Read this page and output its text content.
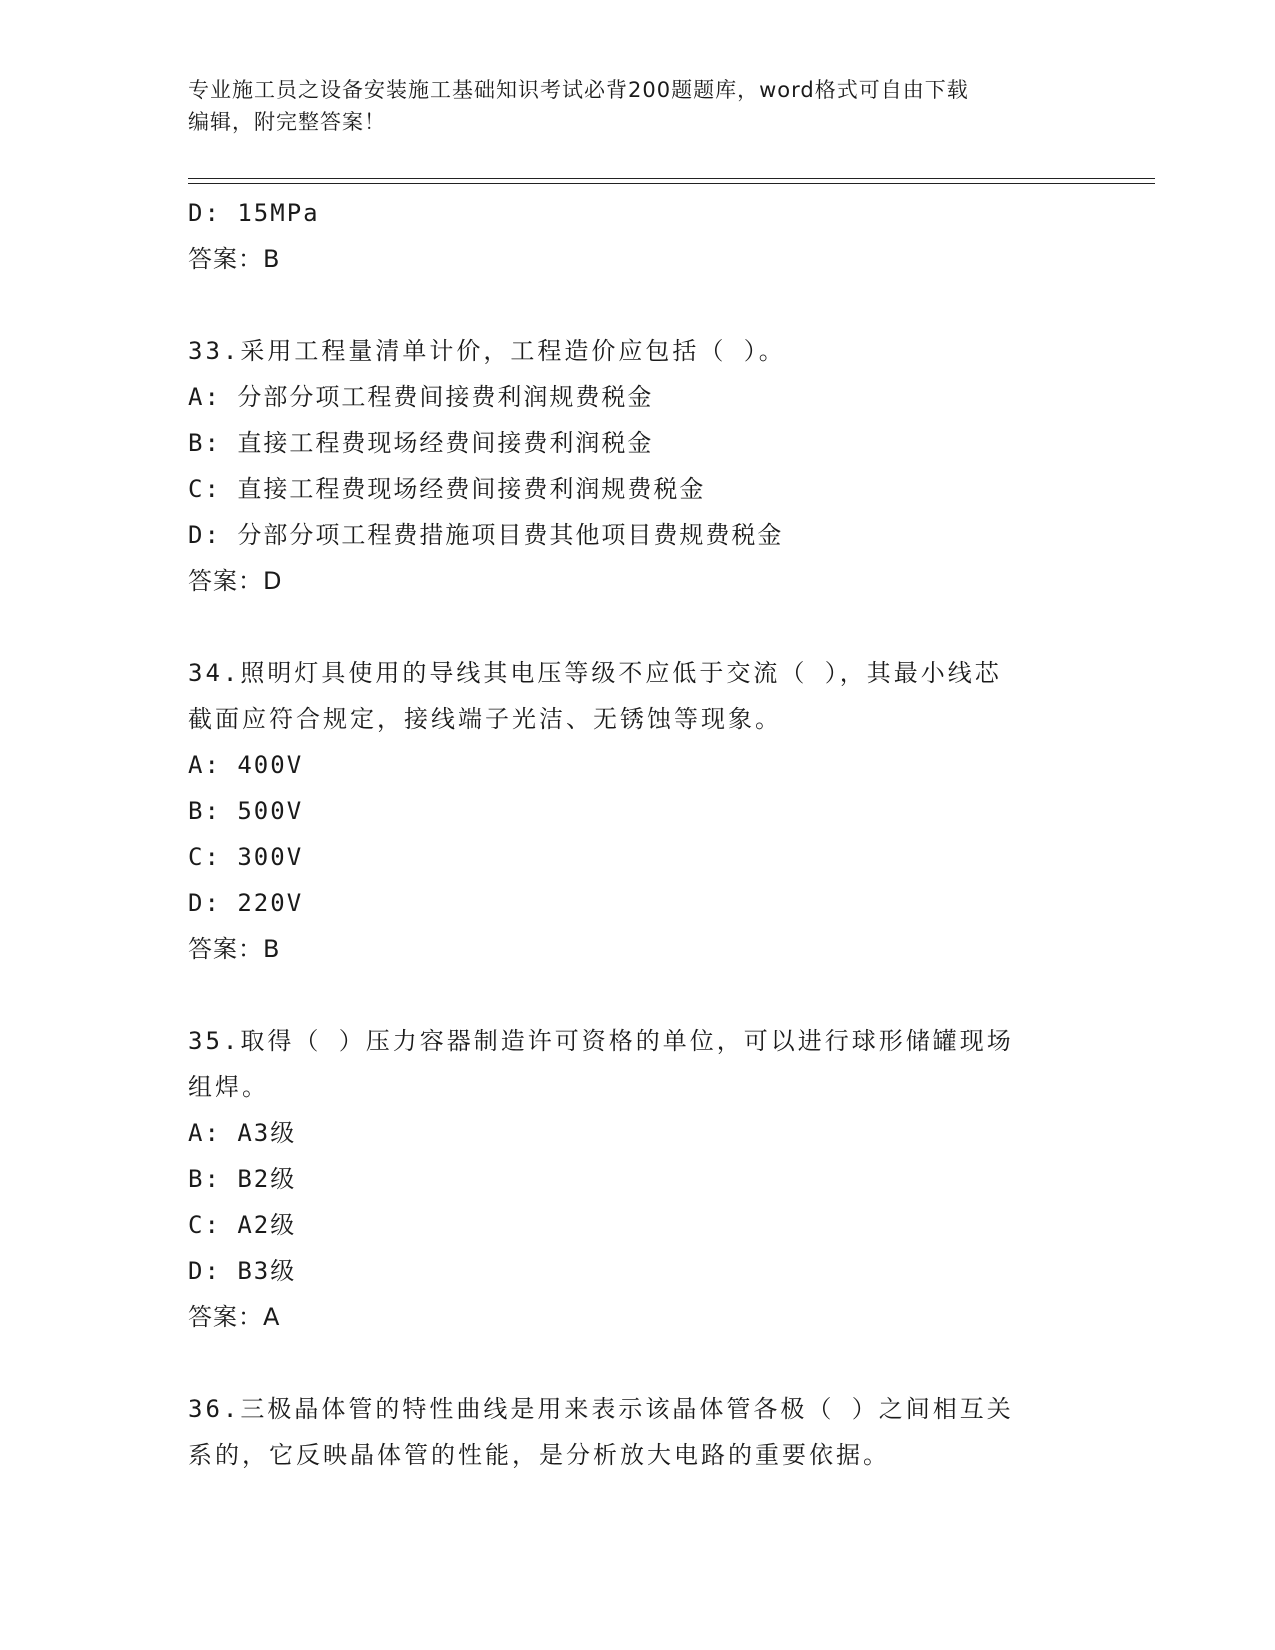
专业施工员之设备安装施工基础知识考试必背200题题库，word格式可自由下载
编辑，附完整答案！
D: 15MPa
答案：B
33.采用工程量清单计价，工程造价应包括（ ）。
A: 分部分项工程费间接费利润规费税金
B: 直接工程费现场经费间接费利润税金
C: 直接工程费现场经费间接费利润规费税金
D: 分部分项工程费措施项目费其他项目费规费税金
答案：D
34.照明灯具使用的导线其电压等级不应低于交流（ ），其最小线芯
截面应符合规定，接线端子光洁、无锈蚀等现象。
A: 400V
B: 500V
C: 300V
D: 220V
答案：B
35.取得（ ）压力容器制造许可资格的单位，可以进行球形储罐现场
组焊。
A: A3级
B: B2级
C: A2级
D: B3级
答案：A
36.三极晶体管的特性曲线是用来表示该晶体管各极（ ）之间相互关
系的，它反映晶体管的性能，是分析放大电路的重要依据。
